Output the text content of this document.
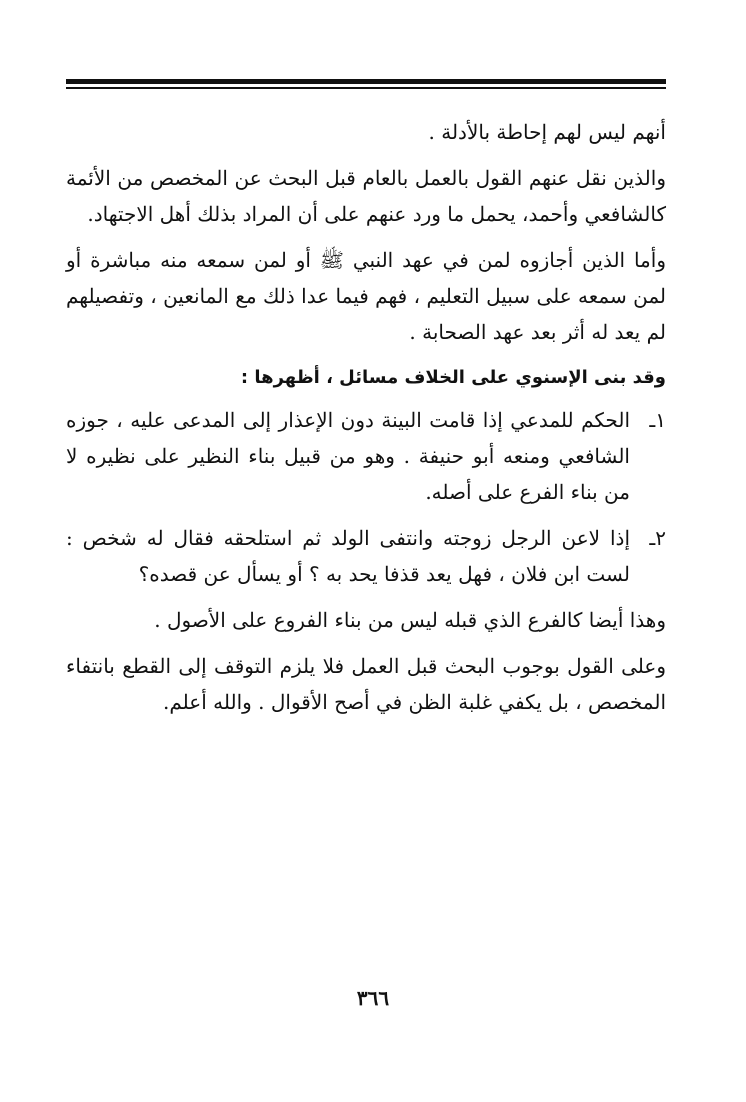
أنهم ليس لهم إحاطة بالأدلة .

والذين نقل عنهم القول بالعمل بالعام قبل البحث عن المخصص من الأئمة كالشافعي وأحمد، يحمل ما ورد عنهم على أن المراد بذلك أهل الاجتهاد.

وأما الذين أجازوه لمن في عهد النبي ﷺ أو لمن سمعه منه مباشرة أو لمن سمعه على سبيل التعليم ، فهم فيما عدا ذلك مع المانعين ، وتفصيلهم لم يعد له أثر بعد عهد الصحابة .

وقد بنى الإسنوي على الخلاف مسائل ، أظهرها :

١ـ
الحكم للمدعي إذا قامت البينة دون الإعذار إلى المدعى عليه ، جوزه الشافعي ومنعه أبو حنيفة . وهو من قبيل بناء النظير على نظيره لا من بناء الفرع على أصله.
٢ـ
إذا لاعن الرجل زوجته وانتفى الولد ثم استلحقه فقال له شخص : لست ابن فلان ، فهل يعد قذفا يحد به ؟ أو يسأل عن قصده؟

وهذا أيضا كالفرع الذي قبله ليس من بناء الفروع على الأصول .

وعلى القول بوجوب البحث قبل العمل فلا يلزم التوقف إلى القطع بانتفاء المخصص ، بل يكفي غلبة الظن في أصح الأقوال . والله أعلم.

٣٦٦
